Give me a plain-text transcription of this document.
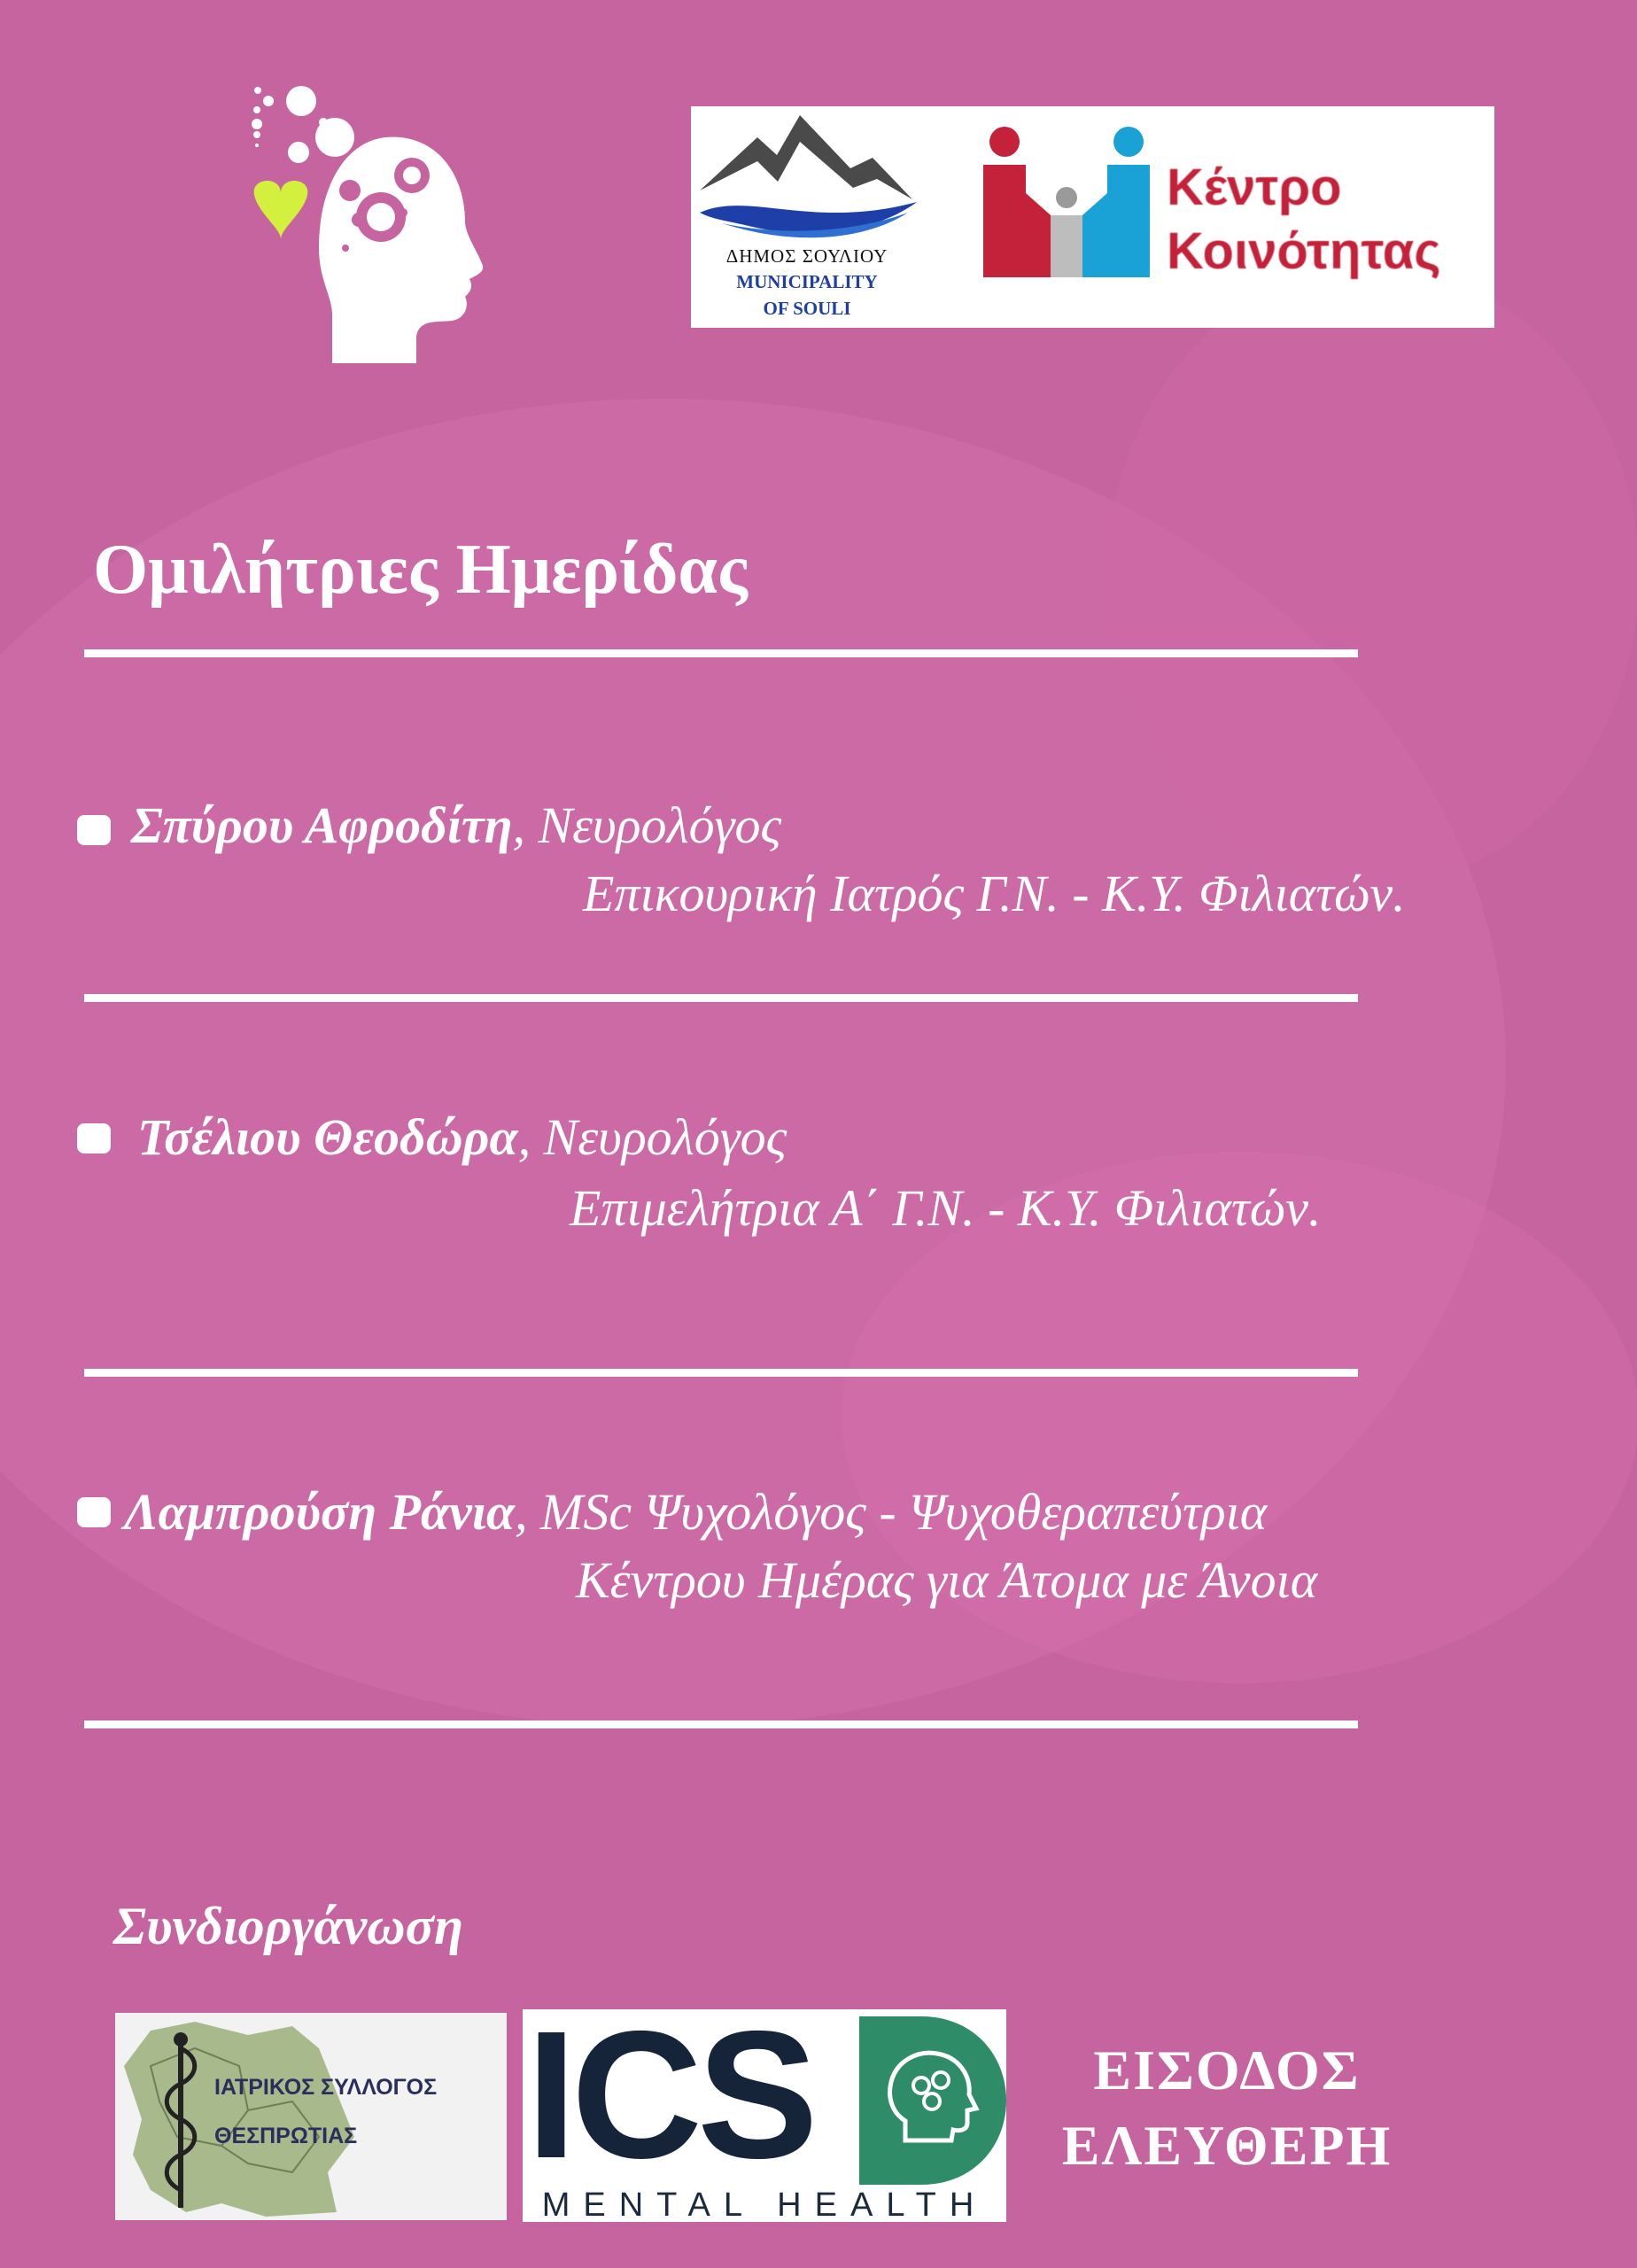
ΔΗΜΟΣ ΣΟΥΛΙΟΥ
MUNICIPALITY
OF SOULI
Κέντρο
Κοινότητας
Ομιλήτριες Ημερίδας
Σπύρου Αφροδίτη, Νευρολόγος
Επικουρική Ιατρός Γ.Ν. - Κ.Υ. Φιλιατών.
Τσέλιου Θεοδώρα, Νευρολόγος
Επιμελήτρια Α΄ Γ.Ν. - Κ.Υ. Φιλιατών.
Λαμπρούση Ράνια, MSc Ψυχολόγος - Ψυχοθεραπεύτρια
Κέντρου Ημέρας για Άτομα με Άνοια
Συνδιοργάνωση
ΙΑΤΡΙΚΟΣ ΣΥΛΛΟΓΟΣ
ΘΕΣΠΡΩΤΙΑΣ ICS
MENTAL HEALTH
ΕΙΣΟΔΟΣ
ΕΛΕΥΘΕΡΗ
